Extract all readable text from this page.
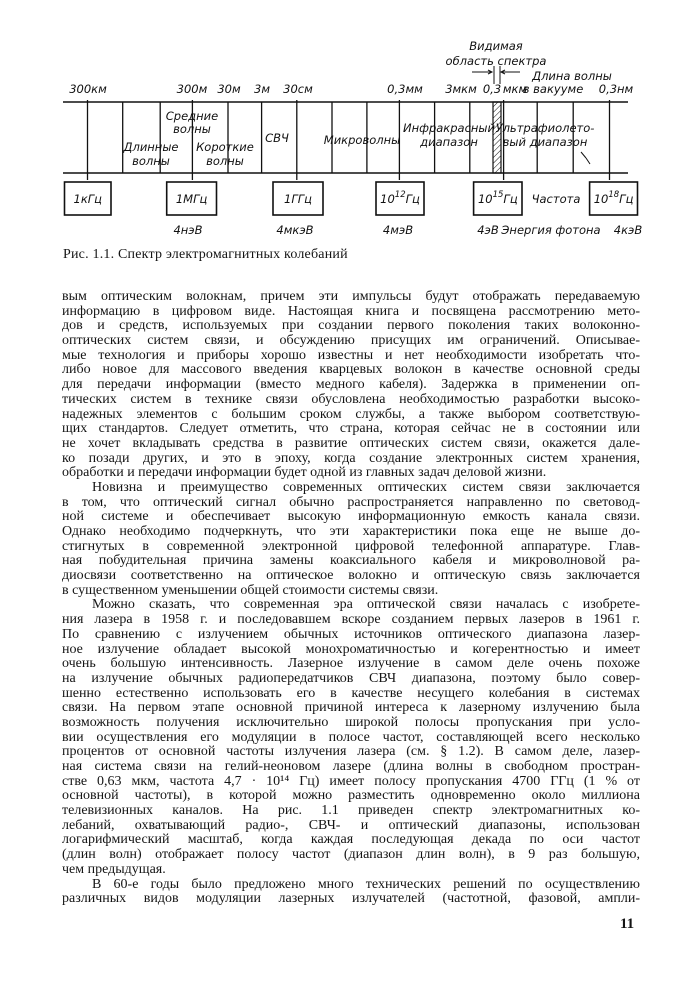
Видимая
область спектра
Длина волны
300км	300м 30м 3м 30см	0,3мм 3мкм 0,3 мкм
в вакууме 0,3нм
Средние
волны
Длинные
волны
Короткие
волны
СВЧ	Микроволны
Инфракрасный
диапазон
Ультрафиолето-
вый диапазон
1кГц	1МГц	1ГГц	$10^{12}Гц$	$10^{15}Гц$	$10^{18}Гц$
Частота
4нэВ	4мкэВ	4мэВ	4эВ Энергия фотона 4кэВ
Рис. 1.1. Спектр электромагнитных колебаний
вым оптическим волокнам, причем эти импульсы будут отображать передаваемую
информацию в цифровом виде. Настоящая книга и посвящена рассмотрению мето-
дов и средств, используемых при создании первого поколения таких волоконно-
оптических систем связи, и обсуждению присущих им ограничений. Описывае-
мые технология и приборы хорошо известны и нет необходимости изобретать что-
либо новое для массового введения кварцевых волокон в качестве основной среды
для передачи информации (вместо медного кабеля). Задержка в применении оп-
тических систем в технике связи обусловлена необходимостью разработки высоко-
надежных элементов с большим сроком службы, а также выбором соответствую-
щих стандартов. Следует отметить, что страна, которая сейчас не в состоянии или
не хочет вкладывать средства в развитие оптических систем связи, окажется дале-
ко позади других, и это в эпоху, когда создание электронных систем хранения,
обработки и передачи информации будет одной из главных задач деловой жизни.
Новизна и преимущество современных оптических систем связи заключается
в том, что оптический сигнал обычно распространяется направленно по световод-
ной системе и обеспечивает высокую информационную емкость канала связи.
Однако необходимо подчеркнуть, что эти характеристики пока еще не выше до-
стигнутых в современной электронной цифровой телефонной аппаратуре. Глав-
ная побудительная причина замены коаксиального кабеля и микроволновой ра-
диосвязи соответственно на оптическое волокно и оптическую связь заключается
в существенном уменьшении общей стоимости системы связи.
Можно сказать, что современная эра оптической связи началась с изобрете-
ния лазера в 1958 г. и последовавшем вскоре созданием первых лазеров в 1961 г.
По сравнению с излучением обычных источников оптического диапазона лазер-
ное излучение обладает высокой монохроматичностью и когерентностью и имеет
очень большую интенсивность. Лазерное излучение в самом деле очень похоже
на излучение обычных радиопередатчиков СВЧ диапазона, поэтому было совер-
шенно естественно использовать его в качестве несущего колебания в системах
связи. На первом этапе основной причиной интереса к лазерному излучению была
возможность получения исключительно широкой полосы пропускания при усло-
вии осуществления его модуляции в полосе частот, составляющей всего несколько
процентов от основной частоты излучения лазера (см. § 1.2). В самом деле, лазер-
ная система связи на гелий-неоновом лазере (длина волны в свободном простран-
стве 0,63 мкм, частота 4,7 · 10¹⁴ Гц) имеет полосу пропускания 4700 ГГц (1 % от
основной частоты), в которой можно разместить одновременно около миллиона
телевизионных каналов. На рис. 1.1 приведен спектр электромагнитных ко-
лебаний, охватывающий радио-, СВЧ- и оптический диапазоны, использован
логарифмический масштаб, когда каждая последующая декада по оси частот
(длин волн) отображает полосу частот (диапазон длин волн), в 9 раз большую,
чем предыдущая.
В 60-е годы было предложено много технических решений по осуществлению
различных видов модуляции лазерных излучателей (частотной, фазовой, ампли-
11
